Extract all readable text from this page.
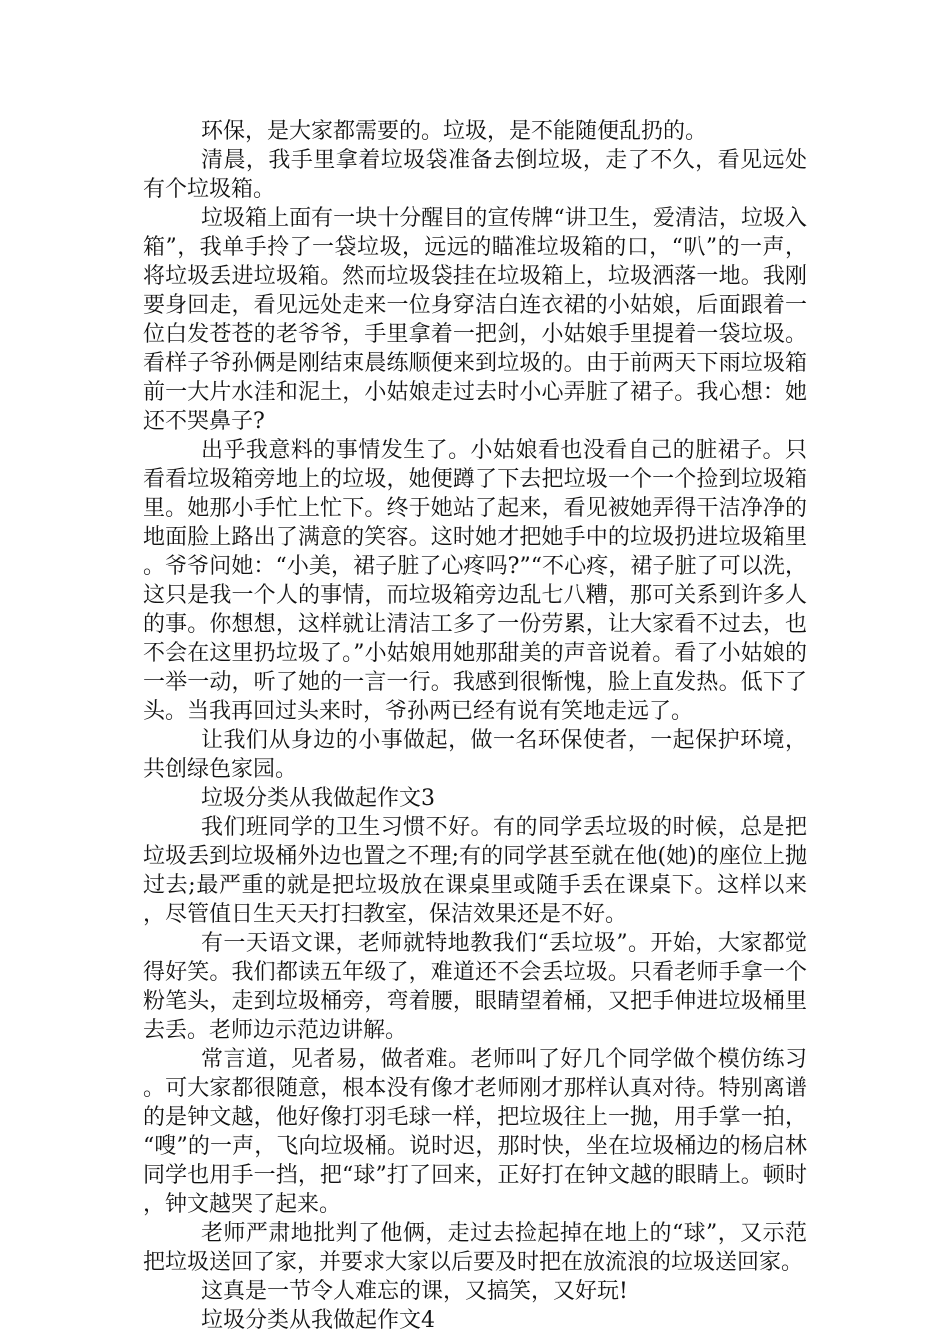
环保，是大家都需要的。垃圾，是不能随便乱扔的。

清晨，我手里拿着垃圾袋准备去倒垃圾，走了不久，看见远处有个垃圾箱。

垃圾箱上面有一块十分醒目的宣传牌“讲卫生，爱清洁，垃圾入箱”，我单手拎了一袋垃圾，远远的瞄准垃圾箱的口，“叭”的一声，将垃圾丢进垃圾箱。然而垃圾袋挂在垃圾箱上，垃圾洒落一地。我刚要身回走，看见远处走来一位身穿洁白连衣裙的小姑娘，后面跟着一位白发苍苍的老爷爷，手里拿着一把剑，小姑娘手里提着一袋垃圾。看样子爷孙俩是刚结束晨练顺便来到垃圾的。由于前两天下雨垃圾箱前一大片水洼和泥土，小姑娘走过去时小心弄脏了裙子。我心想：她还不哭鼻子?

出乎我意料的事情发生了。小姑娘看也没看自己的脏裙子。只看看垃圾箱旁地上的垃圾，她便蹲了下去把垃圾一个一个捡到垃圾箱里。她那小手忙上忙下。终于她站了起来，看见被她弄得干洁净净的地面脸上路出了满意的笑容。这时她才把她手中的垃圾扔进垃圾箱里。爷爷问她：“小美，裙子脏了心疼吗?”“不心疼，裙子脏了可以洗，这只是我一个人的事情，而垃圾箱旁边乱七八糟，那可关系到许多人的事。你想想，这样就让清洁工多了一份劳累，让大家看不过去，也不会在这里扔垃圾了。”小姑娘用她那甜美的声音说着。看了小姑娘的一举一动，听了她的一言一行。我感到很惭愧，脸上直发热。低下了头。当我再回过头来时，爷孙两已经有说有笑地走远了。

让我们从身边的小事做起，做一名环保使者，一起保护环境，共创绿色家园。

垃圾分类从我做起作文3

我们班同学的卫生习惯不好。有的同学丢垃圾的时候，总是把垃圾丢到垃圾桶外边也置之不理;有的同学甚至就在他(她)的座位上抛过去;最严重的就是把垃圾放在课桌里或随手丢在课桌下。这样以来，尽管值日生天天打扫教室，保洁效果还是不好。

有一天语文课，老师就特地教我们“丢垃圾”。开始，大家都觉得好笑。我们都读五年级了，难道还不会丢垃圾。只看老师手拿一个粉笔头，走到垃圾桶旁，弯着腰，眼睛望着桶，又把手伸进垃圾桶里去丢。老师边示范边讲解。

常言道，见者易，做者难。老师叫了好几个同学做个模仿练习。可大家都很随意，根本没有像才老师刚才那样认真对待。特别离谱的是钟文越，他好像打羽毛球一样，把垃圾往上一抛，用手掌一拍，“嗖”的一声，飞向垃圾桶。说时迟，那时快，坐在垃圾桶边的杨启林同学也用手一挡，把“球”打了回来，正好打在钟文越的眼睛上。顿时，钟文越哭了起来。

老师严肃地批判了他俩，走过去捡起掉在地上的“球”，又示范把垃圾送回了家，并要求大家以后要及时把在放流浪的垃圾送回家。

这真是一节令人难忘的课，又搞笑，又好玩!

垃圾分类从我做起作文4
